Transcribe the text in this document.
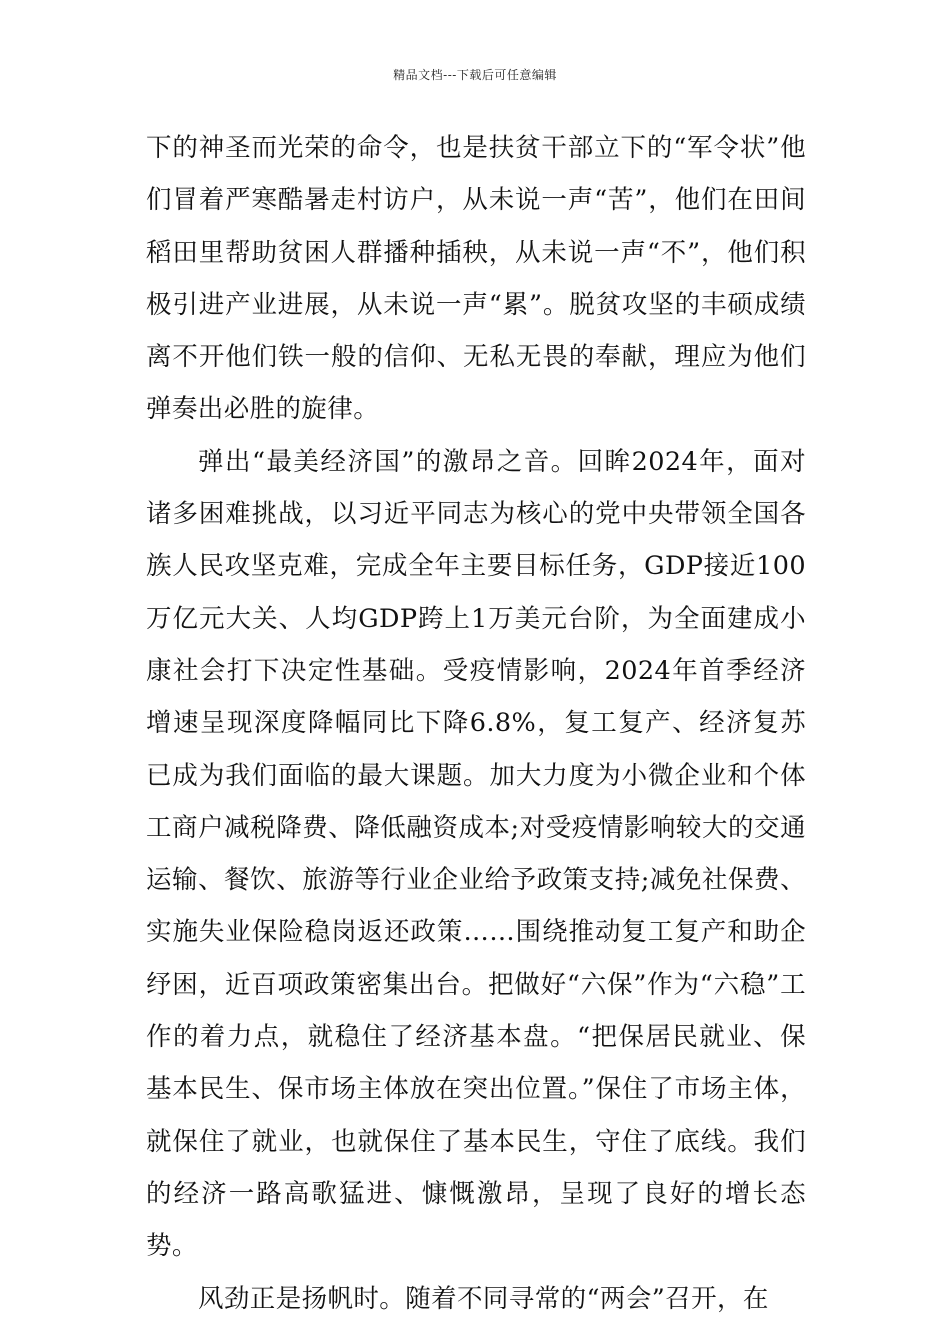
精品文档---下载后可任意编辑

下的神圣而光荣的命令，也是扶贫干部立下的“军令状”他们冒着严寒酷暑走村访户，从未说一声“苦”，他们在田间稻田里帮助贫困人群播种插秧，从未说一声“不”，他们积极引进产业进展，从未说一声“累”。脱贫攻坚的丰硕成绩离不开他们铁一般的信仰、无私无畏的奉献，理应为他们弹奏出必胜的旋律。

弹出“最美经济国”的激昂之音。回眸2024年，面对诸多困难挑战，以习近平同志为核心的党中央带领全国各族人民攻坚克难，完成全年主要目标任务，GDP接近100万亿元大关、人均GDP跨上1万美元台阶，为全面建成小康社会打下决定性基础。受疫情影响，2024年首季经济增速呈现深度降幅同比下降6.8%，复工复产、经济复苏已成为我们面临的最大课题。加大力度为小微企业和个体工商户减税降费、降低融资成本;对受疫情影响较大的交通运输、餐饮、旅游等行业企业给予政策支持;减免社保费、实施失业保险稳岗返还政策……围绕推动复工复产和助企纾困，近百项政策密集出台。把做好“六保”作为“六稳”工作的着力点，就稳住了经济基本盘。“把保居民就业、保基本民生、保市场主体放在突出位置。”保住了市场主体，就保住了就业，也就保住了基本民生，守住了底线。我们的经济一路高歌猛进、慷慨激昂，呈现了良好的增长态势。

风劲正是扬帆时。随着不同寻常的“两会”召开，在
